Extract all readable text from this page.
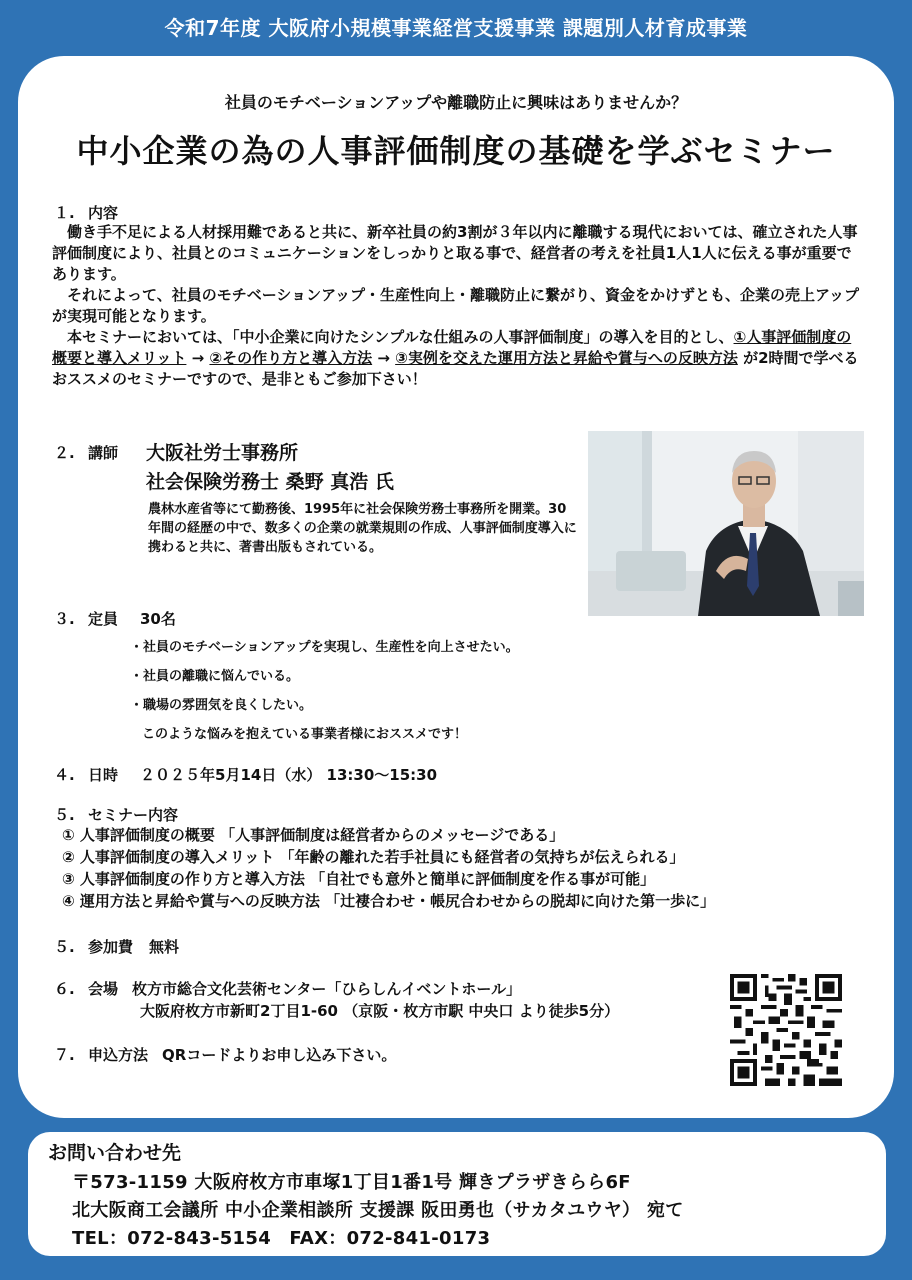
令和7年度 大阪府小規模事業経営支援事業 課題別人材育成事業
社員のモチベーションアップや離職防止に興味はありませんか？
中小企業の為の人事評価制度の基礎を学ぶセミナー
１. 内容

働き手不足による人材採用難であると共に、新卒社員の約3割が３年以内に離職する現代においては、確立された人事評価制度により、社員とのコミュニケーションをしっかりと取る事で、経営者の考えを社員1人1人に伝える事が重要であります。

それによって、社員のモチベーションアップ・生産性向上・離職防止に繋がり、資金をかけずとも、企業の売上アップが実現可能となります。

本セミナーにおいては、「中小企業に向けたシンプルな仕組みの人事評価制度」の導入を目的とし、①人事評価制度の概要と導入メリット → ②その作り方と導入方法 → ③実例を交えた運用方法と昇給や賞与への反映方法 が2時間で学べるおススメのセミナーですので、是非ともご参加下さい！

２. 講師 大阪社労士事務所
社会保険労務士 桑野 真浩 氏
農林水産省等にて勤務後、1995年に社会保険労務士事務所を開業。30年間の経歴の中で、数多くの企業の就業規則の作成、人事評価制度導入に携わると共に、著書出版もされている。
３. 定員 30名
・社員のモチベーションアップを実現し、生産性を向上させたい。
・社員の離職に悩んでいる。
・職場の雰囲気を良くしたい。
このような悩みを抱えている事業者様におススメです！
４. 日時 ２０２５年5月14日（水） 13:30～15:30
５. セミナー内容
① 人事評価制度の概要 「人事評価制度は経営者からのメッセージである」
② 人事評価制度の導入メリット 「年齢の離れた若手社員にも経営者の気持ちが伝えられる」
③ 人事評価制度の作り方と導入方法 「自社でも意外と簡単に評価制度を作る事が可能」
④ 運用方法と昇給や賞与への反映方法 「辻褄合わせ・帳尻合わせからの脱却に向けた第一歩に」
５. 参加費 無料
６. 会場 枚方市総合文化芸術センター「ひらしんイベントホール」
大阪府枚方市新町2丁目1-60 （京阪・枚方市駅 中央口 より徒歩5分）
７. 申込方法 QRコードよりお申し込み下さい。
お問い合わせ先
〒573-1159 大阪府枚方市車塚1丁目1番1号 輝きプラザきらら6F
北大阪商工会議所 中小企業相談所 支援課 阪田勇也（サカタユウヤ） 宛て
TEL：072-843-5154　FAX：072-841-0173
